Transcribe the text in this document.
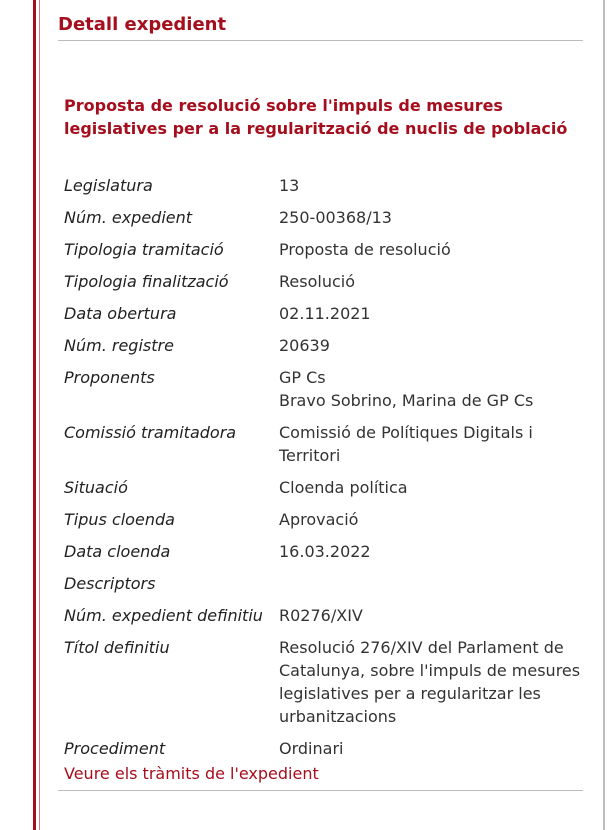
Detall expedient
Proposta de resolució sobre l'impuls de mesures legislatives per a la regularització de nuclis de població
Legislatura	13
Núm. expedient	250-00368/13
Tipologia tramitació	Proposta de resolució
Tipologia finalització	Resolució
Data obertura	02.11.2021
Núm. registre	20639
Proponents	GP Cs
Bravo Sobrino, Marina de GP Cs
Comissió tramitadora	Comissió de Polítiques Digitals i Territori
Situació	Cloenda política
Tipus cloenda	Aprovació
Data cloenda	16.03.2022
Descriptors
Núm. expedient definitiu	R0276/XIV
Títol definitiu	Resolució 276/XIV del Parlament de Catalunya, sobre l'impuls de mesures legislatives per a regularitzar les urbanitzacions
Procediment	Ordinari
Veure els tràmits de l'expedient
